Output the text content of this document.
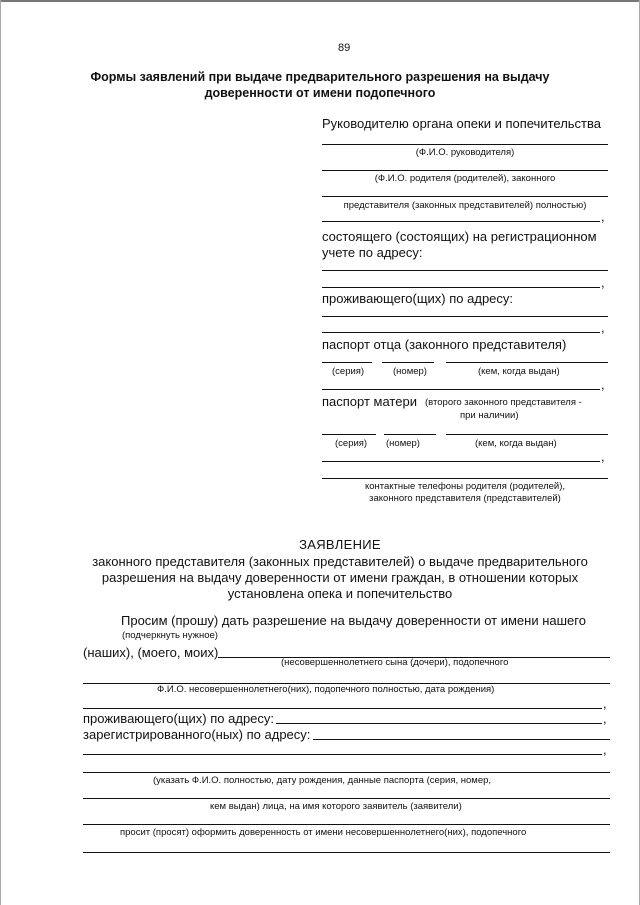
89
Формы заявлений при выдаче предварительного разрешения на выдачу
доверенности от имени подопечного
Руководителю органа опеки и попечительства
(Ф.И.О. руководителя)
(Ф.И.О. родителя (родителей), законного
представителя (законных представителей) полностью)
,
состоящего (состоящих) на регистрационном
учете по адресу:
,
проживающего(щих) по адресу:
,
паспорт отца (законного представителя)
(серия)	(номер)	(кем, когда выдан)
,
паспорт матери (второго законного представителя -
при наличии)
(серия) (номер)	(кем, когда выдан)
,
контактные телефоны родителя (родителей),
законного представителя (представителей)
ЗАЯВЛЕНИЕ
законного представителя (законных представителей) о выдаче предварительного
разрешения на выдачу доверенности от имени граждан, в отношении которых
установлена опека и попечительство
Просим (прошу) дать разрешение на выдачу доверенности от имени нашего
(подчеркнуть нужное)
(наших), (моего, моих)
(несовершеннолетнего сына (дочери), подопечного
Ф.И.О. несовершеннолетнего(них), подопечного полностью, дата рождения)
,
проживающего(щих) по адресу:	,
зарегистрированного(ных) по адресу:
,
(указать Ф.И.О. полностью, дату рождения, данные паспорта (серия, номер,
кем выдан) лица, на имя которого заявитель (заявители)
просит (просят) оформить доверенность от имени несовершеннолетнего(них), подопечного
